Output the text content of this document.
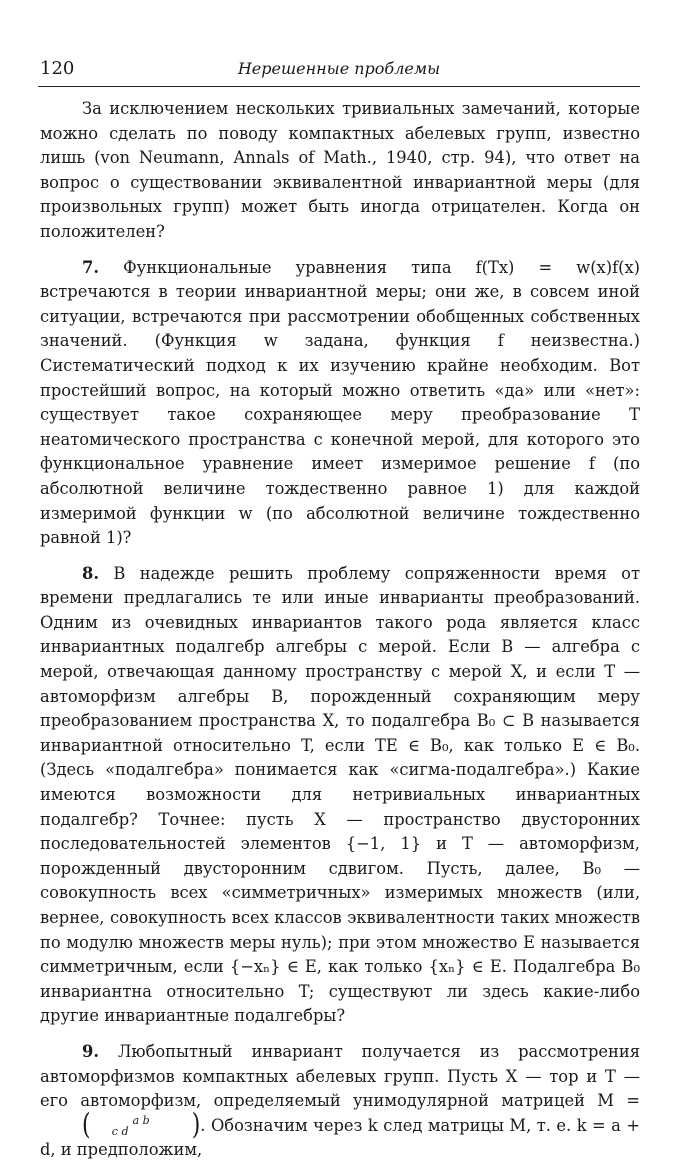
120	Нерешенные проблемы

За исключением нескольких тривиальных замечаний, которые можно сделать по поводу компактных абелевых групп, известно лишь (von Neumann, Annals of Math., 1940, стр. 94), что ответ на вопрос о существовании эквивалентной инвариантной меры (для произвольных групп) может быть иногда отрицателен. Когда он положителен?

7. Функциональные уравнения типа f(Tx) = w(x)f(x) встречаются в теории инвариантной меры; они же, в совсем иной ситуации, встречаются при рассмотрении обобщенных собственных значений. (Функция w задана, функция f неизвестна.) Систематический подход к их изучению крайне необходим. Вот простейший вопрос, на который можно ответить «да» или «нет»: существует такое сохраняющее меру преобразование T неатомического пространства с конечной мерой, для которого это функциональное уравнение имеет измеримое решение f (по абсолютной величине тождественно равное 1) для каждой измеримой функции w (по абсолютной величине тождественно равной 1)?

8. В надежде решить проблему сопряженности время от времени предлагались те или иные инварианты преобразований. Одним из очевидных инвариантов такого рода является класс инвариантных подалгебр алгебры с мерой. Если B — алгебра с мерой, отвечающая данному пространству с мерой X, и если T — автоморфизм алгебры B, порожденный сохраняющим меру преобразованием пространства X, то подалгебра B₀ ⊂ B называется инвариантной относительно T, если TE ∈ B₀, как только E ∈ B₀. (Здесь «подалгебра» понимается как «сигма-подалгебра».) Какие имеются возможности для нетривиальных инвариантных подалгебр? Точнее: пусть X — пространство двусторонних последовательностей элементов {−1, 1} и T — автоморфизм, порожденный двусторонним сдвигом. Пусть, далее, B₀ — совокупность всех «симметричных» измеримых множеств (или, вернее, совокупность всех классов эквивалентности таких множеств по модулю множеств меры нуль); при этом множество E называется симметричным, если {−xₙ} ∈ E, как только {xₙ} ∈ E. Подалгебра B₀ инвариантна относительно T; существуют ли здесь какие-либо другие инвариантные подалгебры?

9. Любопытный инвариант получается из рассмотрения автоморфизмов компактных абелевых групп. Пусть X — тор и T — его автоморфизм, определяемый унимодулярной матрицей M = (	a b
c d	). Обозначим через k след матрицы M, т. е. k = a + d, и предположим,
